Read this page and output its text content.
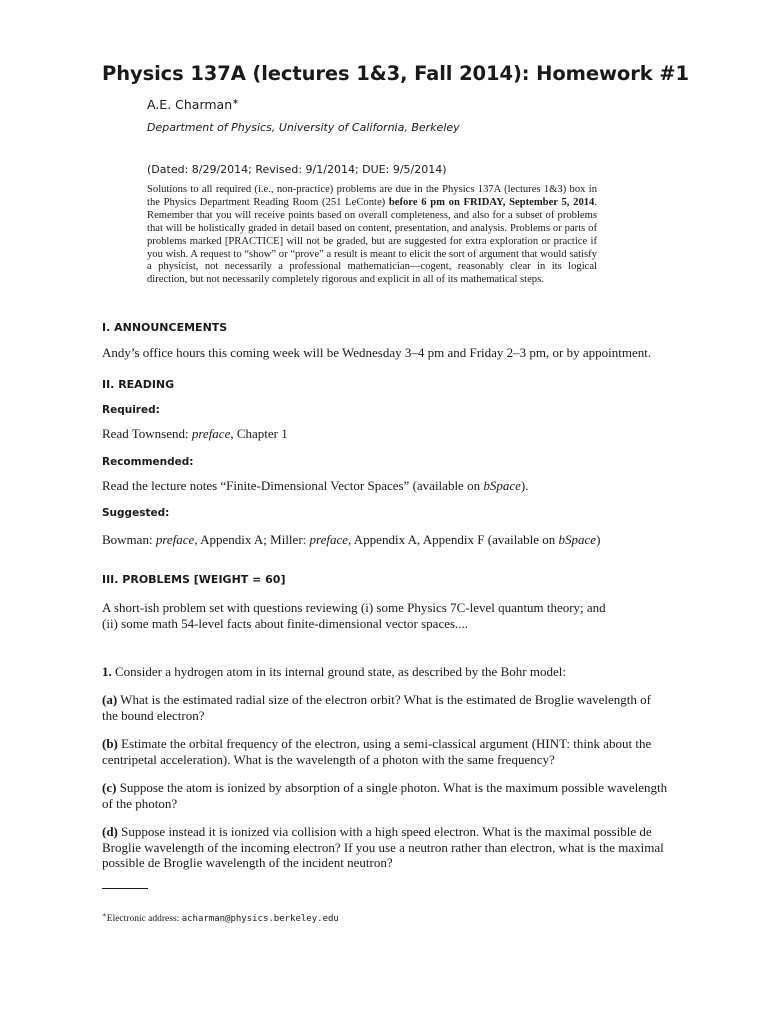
Physics 137A (lectures 1&3, Fall 2014): Homework #1
A.E. Charman∗
Department of Physics, University of California, Berkeley
(Dated: 8/29/2014; Revised: 9/1/2014; DUE: 9/5/2014)
Solutions to all required (i.e., non-practice) problems are due in the Physics 137A (lectures 1&3) box in the Physics Department Reading Room (251 LeConte) before 6 pm on FRIDAY, September 5, 2014. Remember that you will receive points based on overall completeness, and also for a subset of problems that will be holistically graded in detail based on content, presentation, and analysis. Problems or parts of problems marked [PRACTICE] will not be graded, but are suggested for extra exploration or practice if you wish. A request to “show” or “prove” a result is meant to elicit the sort of argument that would satisfy a physicist, not necessarily a professional mathematician—cogent, reasonably clear in its logical direction, but not necessarily completely rigorous and explicit in all of its mathematical steps.
I. ANNOUNCEMENTS
Andy’s office hours this coming week will be Wednesday 3–4 pm and Friday 2–3 pm, or by appointment.
II. READING
Required:
Read Townsend: preface, Chapter 1
Recommended:
Read the lecture notes “Finite-Dimensional Vector Spaces” (available on bSpace).
Suggested:
Bowman: preface, Appendix A; Miller: preface, Appendix A, Appendix F (available on bSpace)
III. PROBLEMS [WEIGHT = 60]
A short-ish problem set with questions reviewing (i) some Physics 7C-level quantum theory; and (ii) some math 54-level facts about finite-dimensional vector spaces....
1. Consider a hydrogen atom in its internal ground state, as described by the Bohr model:
(a) What is the estimated radial size of the electron orbit? What is the estimated de Broglie wavelength of the bound electron?
(b) Estimate the orbital frequency of the electron, using a semi-classical argument (HINT: think about the centripetal acceleration). What is the wavelength of a photon with the same frequency?
(c) Suppose the atom is ionized by absorption of a single photon. What is the maximum possible wavelength of the photon?
(d) Suppose instead it is ionized via collision with a high speed electron. What is the maximal possible de Broglie wavelength of the incoming electron? If you use a neutron rather than electron, what is the maximal possible de Broglie wavelength of the incident neutron?
∗Electronic address: acharman@physics.berkeley.edu
